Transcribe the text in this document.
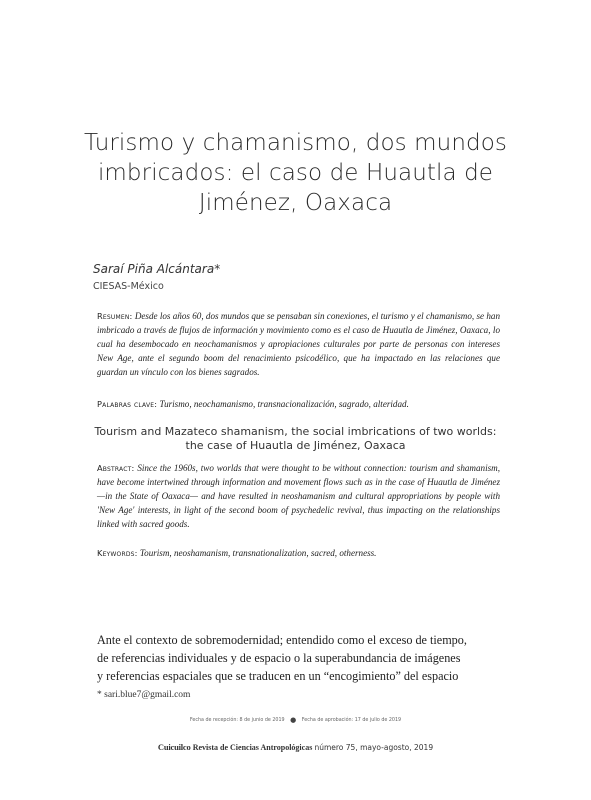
Turismo y chamanismo, dos mundos
imbricados: el caso de Huautla de
Jiménez, Oaxaca
Saraí Piña Alcántara*
CIESAS-México
Resumen: Desde los años 60, dos mundos que se pensaban sin conexiones, el turismo y el chamanismo, se han imbricado a través de flujos de información y movimiento como es el caso de Huautla de Jiménez, Oaxaca, lo cual ha desembocado en neochamanismos y apropiaciones culturales por parte de personas con intereses New Age, ante el segundo boom del renacimiento psicodélico, que ha impactado en las relaciones que guardan un vínculo con los bienes sagrados.
Palabras clave: Turismo, neochamanismo, transnacionalización, sagrado, alteridad.
Tourism and Mazateco shamanism, the social imbrications of two worlds:
the case of Huautla de Jiménez, Oaxaca
Abstract: Since the 1960s, two worlds that were thought to be without connection: tourism and shamanism, have become intertwined through information and movement flows such as in the case of Huautla de Jiménez —in the State of Oaxaca— and have resulted in neoshamanism and cultural appropriations by people with 'New Age' interests, in light of the second boom of psychedelic revival, thus impacting on the relationships linked with sacred goods.
Keywords: Tourism, neoshamanism, transnationalization, sacred, otherness.
Ante el contexto de sobremodernidad; entendido como el exceso de tiempo,
de referencias individuales y de espacio o la superabundancia de imágenes
y referencias espaciales que se traducen en un “encogimiento” del espacio
* sari.blue7@gmail.com
Fecha de recepción: 8 de junio de 2019 ● Fecha de aprobación: 17 de julio de 2019
Cuicuilco Revista de Ciencias Antropológicas número 75, mayo-agosto, 2019
